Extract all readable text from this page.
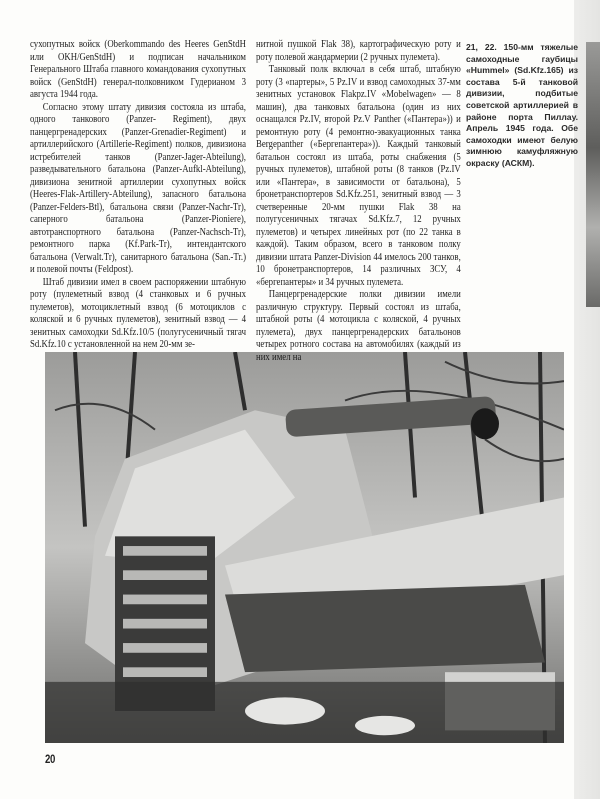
сухопутных войск (Oberkommando des Heeres GenStdH или OKH/GenStdH) и подписан начальником Генерального Штаба главного командования сухопутных войск (GenStdH) генерал-полковником Гудерианом 3 августа 1944 года.

Согласно этому штату дивизия состояла из штаба, одного танкового (Panzer- Regiment), двух панцергренадерских (Panzer-Grenadier-Regiment) и артиллерийского (Artillerie-Regiment) полков, дивизиона истребителей танков (Panzer-Jager-Abteilung), разведывательного батальона (Panzer-Aufkl-Abteilung), дивизиона зенитной артиллерии сухопутных войск (Heeres-Flak-Artillery-Abteilung), запасного батальона (Panzer-Felders-Btl), батальона связи (Panzer-Nachr-Tr), саперного батальона (Panzer-Pioniere), автотранспортного батальона (Panzer-Nachsch-Tr), ремонтного парка (Kf.Park-Tr), интендантского батальона (Verwalt.Tr), санитарного батальона (San.-Tr.) и полевой почты (Feldpost).

Штаб дивизии имел в своем распоряжении штабную роту (пулеметный взвод (4 станковых и 6 ручных пулеметов), мотоциклетный взвод (6 мотоциклов с коляской и 6 ручных пулеметов), зенитный взвод — 4 зенитных самоходки Sd.Kfz.10/5 (полугусеничный тягач Sd.Kfz.10 с установленной на нем 20-мм зе-

нитной пушкой Flak 38), картографическую роту и роту полевой жандармерии (2 ручных пулемета).

Танковый полк включал в себя штаб, штабную роту (3 «партеры», 5 Pz.IV и взвод самоходных 37-мм зенитных установок Flakpz.IV «Mobelwagen» — 8 машин), два танковых батальона (один из них оснащался Pz.IV, второй Pz.V Panther («Пантера»)) и ремонтную роту (4 ремонтно-эвакуационных танка Bergepanther («Бергепантера»)). Каждый танковый батальон состоял из штаба, роты снабжения (5 ручных пулеметов), штабной роты (8 танков (Pz.IV или «Пантера», в зависимости от батальона), 5 бронетранспортеров Sd.Kfz.251, зенитный взвод — 3 счетверенные 20-мм пушки Flak 38 на полугусеничных тягачах Sd.Kfz.7, 12 ручных пулеметов) и четырех линейных рот (по 22 танка в каждой). Таким образом, всего в танковом полку дивизии штата Panzer-Division 44 имелось 200 танков, 10 бронетранспортеров, 14 различных ЗСУ, 4 «бергепантеры» и 34 ручных пулемета.

Панцергренадерские полки дивизии имели различную структуру. Первый состоял из штаба, штабной роты (4 мотоцикла с коляской, 4 ручных пулемета), двух панцергренадерских батальонов четырех ротного состава на автомобилях (каждый из них имел на

21, 22. 150-мм тяжелые самоходные гаубицы «Hummel» (Sd.Kfz.165) из состава 5-й танковой дивизии, подбитые советской артиллерией в районе порта Пиллау. Апрель 1945 года. Обе самоходки имеют белую зимнюю камуфляжную окраску (АСКМ).
20
